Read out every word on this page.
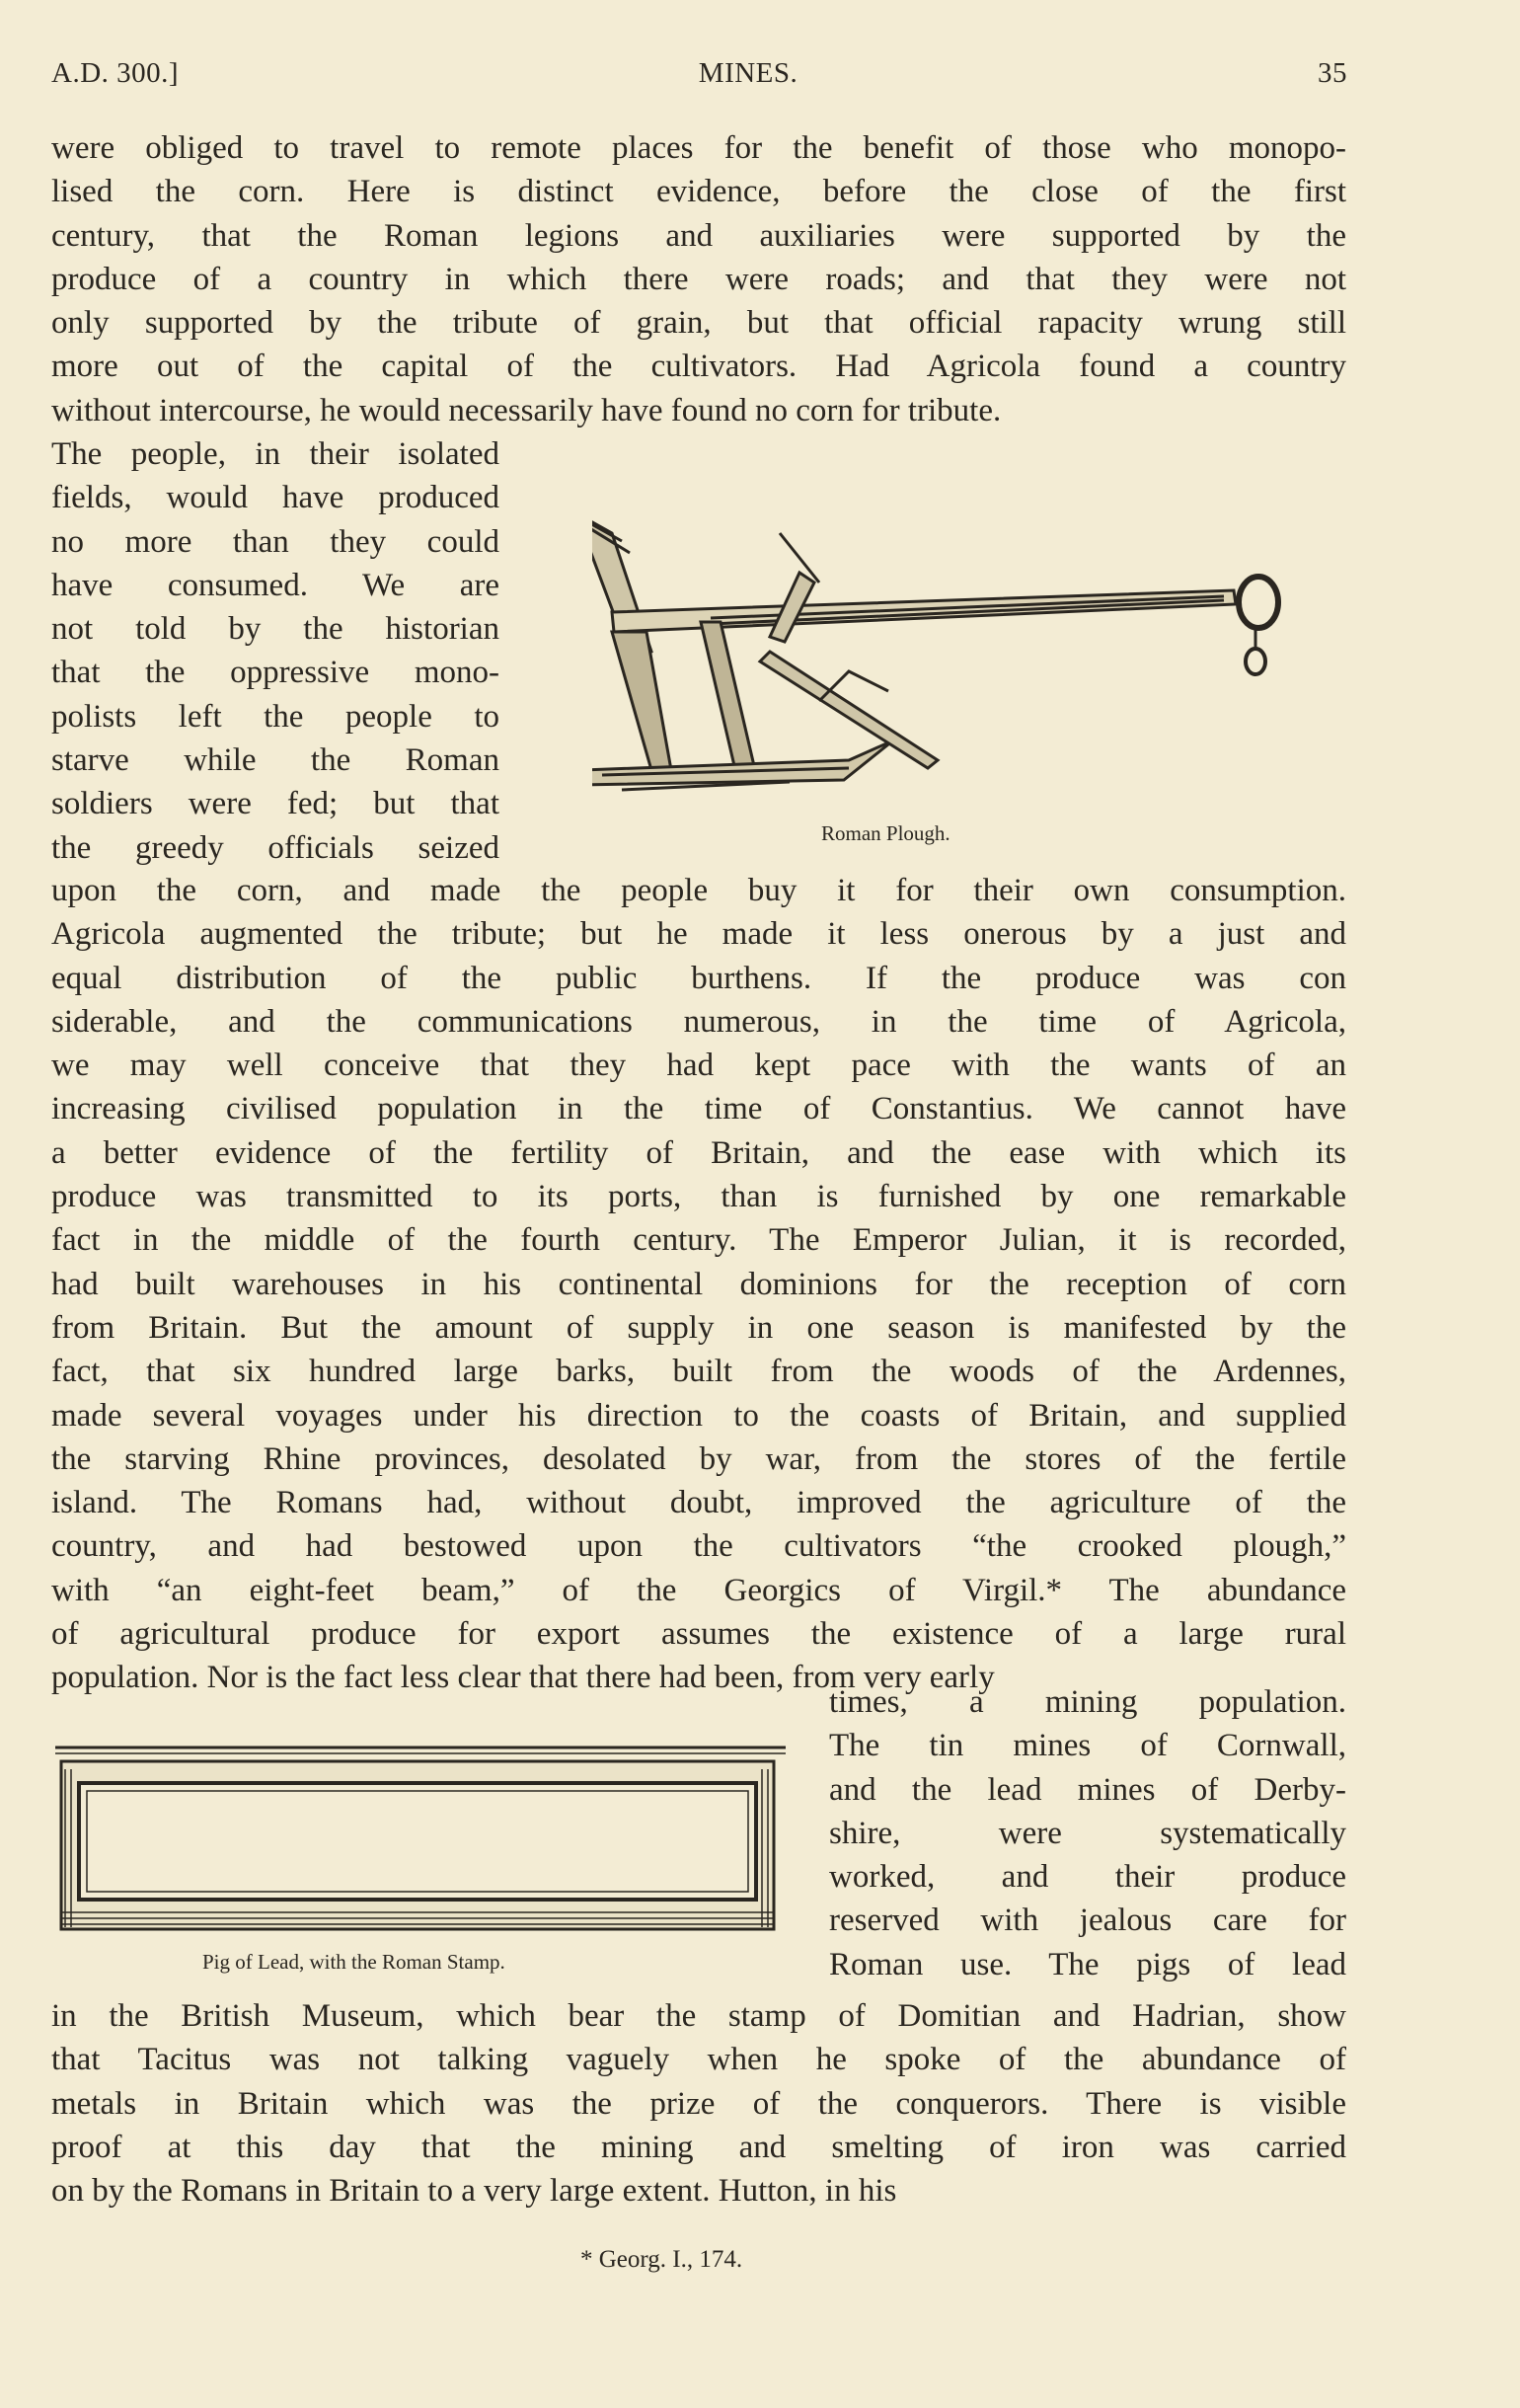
A.D. 300.]	MINES.	35
were obliged to travel to remote places for the benefit of those who monopo-
lised the corn. Here is distinct evidence, before the close of the first
century, that the Roman legions and auxiliaries were supported by the
produce of a country in which there were roads; and that they were not
only supported by the tribute of grain, but that official rapacity wrung still
more out of the capital of the cultivators. Had Agricola found a country
without intercourse, he would necessarily have found no corn for tribute.
The people, in their isolated
fields, would have produced
no more than they could
have consumed. We are
not told by the historian
that the oppressive mono-
polists left the people to
starve while the Roman
soldiers were fed; but that
the greedy officials seized
upon the corn, and made the people buy it for their own consumption.
Agricola augmented the tribute; but he made it less onerous by a just and
equal distribution of the public burthens. If the produce was con
siderable, and the communications numerous, in the time of Agricola,
we may well conceive that they had kept pace with the wants of an
increasing civilised population in the time of Constantius. We cannot have
a better evidence of the fertility of Britain, and the ease with which its
produce was transmitted to its ports, than is furnished by one remarkable
fact in the middle of the fourth century. The Emperor Julian, it is recorded,
had built warehouses in his continental dominions for the reception of corn
from Britain. But the amount of supply in one season is manifested by the
fact, that six hundred large barks, built from the woods of the Ardennes,
made several voyages under his direction to the coasts of Britain, and supplied
the starving Rhine provinces, desolated by war, from the stores of the fertile
island. The Romans had, without doubt, improved the agriculture of the
country, and had bestowed upon the cultivators “the crooked plough,”
with “an eight-feet beam,” of the Georgics of Virgil.* The abundance
of agricultural produce for export assumes the existence of a large rural
population. Nor is the fact less clear that there had been, from very early
times, a mining population.
The tin mines of Cornwall,
and the lead mines of Derby-
shire, were systematically
worked, and their produce
reserved with jealous care for
Roman use. The pigs of lead
in the British Museum, which bear the stamp of Domitian and Hadrian, show
that Tacitus was not talking vaguely when he spoke of the abundance of
metals in Britain which was the prize of the conquerors. There is visible
proof at this day that the mining and smelting of iron was carried
on by the Romans in Britain to a very large extent. Hutton, in his
Roman Plough.
Pig of Lead, with the Roman Stamp.
* Georg. I., 174.
